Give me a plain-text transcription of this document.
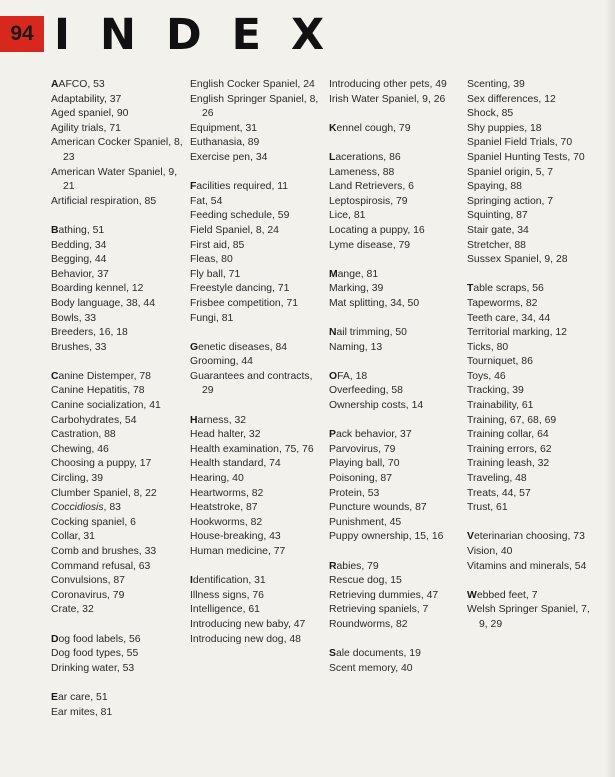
94 INDEX
AAFCO, 53
Adaptability, 37
Aged spaniel, 90
Agility trials, 71
American Cocker Spaniel, 8, 23
American Water Spaniel, 9, 21
Artificial respiration, 85
Bathing, 51
Bedding, 34
Begging, 44
Behavior, 37
Boarding kennel, 12
Body language, 38, 44
Bowls, 33
Breeders, 16, 18
Brushes, 33
Canine Distemper, 78
Canine Hepatitis, 78
Canine socialization, 41
Carbohydrates, 54
Castration, 88
Chewing, 46
Choosing a puppy, 17
Circling, 39
Clumber Spaniel, 8, 22
Coccidiosis, 83
Cocking spaniel, 6
Collar, 31
Comb and brushes, 33
Command refusal, 63
Convulsions, 87
Coronavirus, 79
Crate, 32
Dog food labels, 56
Dog food types, 55
Drinking water, 53
Ear care, 51
Ear mites, 81
English Cocker Spaniel, 24
English Springer Spaniel, 8, 26
Equipment, 31
Euthanasia, 89
Exercise pen, 34
Facilities required, 11
Fat, 54
Feeding schedule, 59
Field Spaniel, 8, 24
First aid, 85
Fleas, 80
Fly ball, 71
Freestyle dancing, 71
Frisbee competition, 71
Fungi, 81
Genetic diseases, 84
Grooming, 44
Guarantees and contracts, 29
Harness, 32
Head halter, 32
Health examination, 75, 76
Health standard, 74
Hearing, 40
Heartworms, 82
Heatstroke, 87
Hookworms, 82
House-breaking, 43
Human medicine, 77
Identification, 31
Illness signs, 76
Intelligence, 61
Introducing new baby, 47
Introducing new dog, 48
Introducing other pets, 49
Irish Water Spaniel, 9, 26
Kennel cough, 79
Lacerations, 86
Lameness, 88
Land Retrievers, 6
Leptospirosis, 79
Lice, 81
Locating a puppy, 16
Lyme disease, 79
Mange, 81
Marking, 39
Mat splitting, 34, 50
Nail trimming, 50
Naming, 13
OFA, 18
Overfeeding, 58
Ownership costs, 14
Pack behavior, 37
Parvovirus, 79
Playing ball, 70
Poisoning, 87
Protein, 53
Puncture wounds, 87
Punishment, 45
Puppy ownership, 15, 16
Rabies, 79
Rescue dog, 15
Retrieving dummies, 47
Retrieving spaniels, 7
Roundworms, 82
Sale documents, 19
Scent memory, 40
Scenting, 39
Sex differences, 12
Shock, 85
Shy puppies, 18
Spaniel Field Trials, 70
Spaniel Hunting Tests, 70
Spaniel origin, 5, 7
Spaying, 88
Springing action, 7
Squinting, 87
Stair gate, 34
Stretcher, 88
Sussex Spaniel, 9, 28
Table scraps, 56
Tapeworms, 82
Teeth care, 34, 44
Territorial marking, 12
Ticks, 80
Tourniquet, 86
Toys, 46
Tracking, 39
Trainability, 61
Training, 67, 68, 69
Training collar, 64
Training errors, 62
Training leash, 32
Traveling, 48
Treats, 44, 57
Trust, 61
Veterinarian choosing, 73
Vision, 40
Vitamins and minerals, 54
Webbed feet, 7
Welsh Springer Spaniel, 7, 9, 29
